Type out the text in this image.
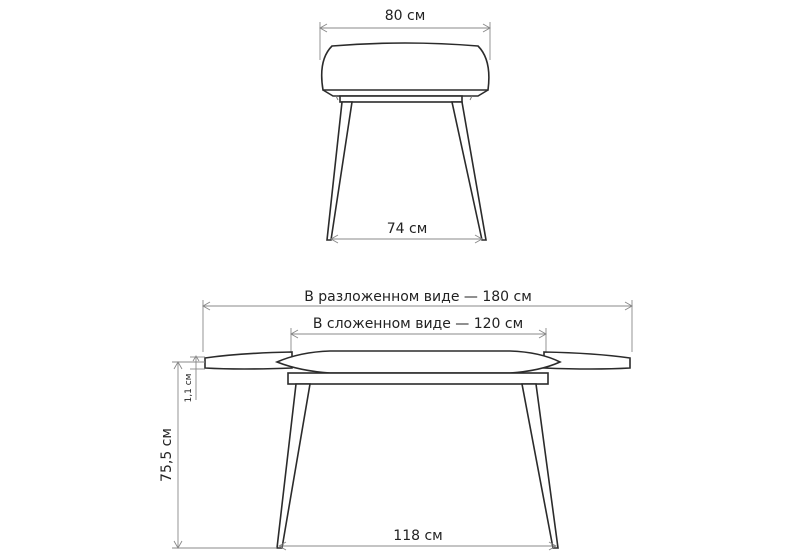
80 см
74 см
В разложенном виде — 180 см
В сложенном виде — 120 см
118 см
75,5 см
1,1 см
